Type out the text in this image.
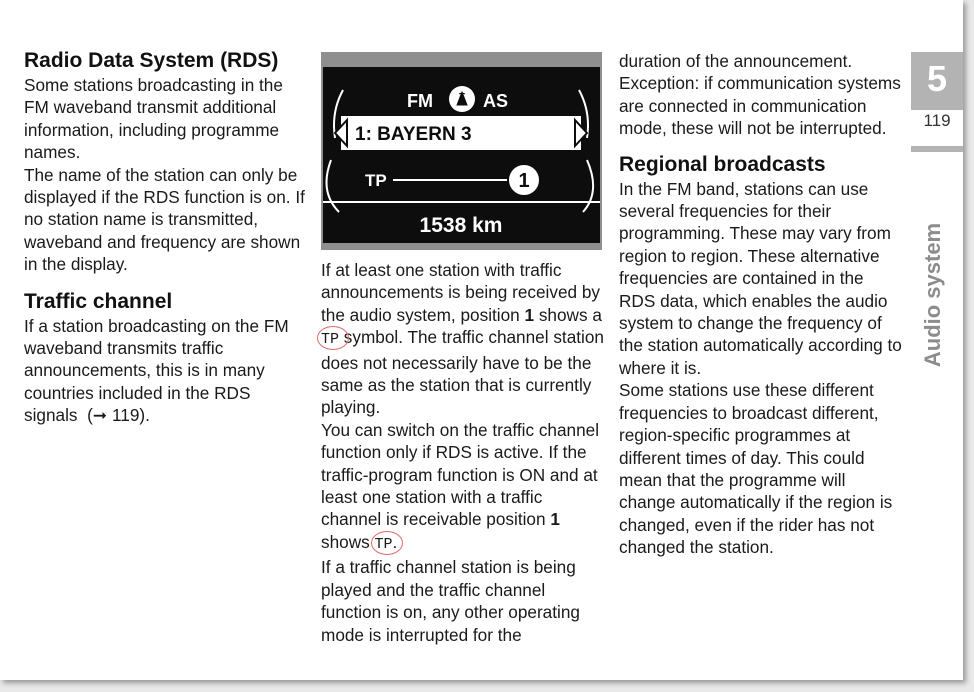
Radio Data System (RDS)

Some stations broadcasting in the FM waveband transmit additional information, including programme names.

The name of the station can only be displayed if the RDS function is on. If no station name is transmitted, waveband and frequency are shown in the display.

Traffic channel

If a station broadcasting on the FM waveband transmits traffic announcements, this is in many countries included in the RDS signals (➞ 119).

FM	AS
1: BAYERN 3
TP	1
1538 km

If at least one station with traffic announcements is being received by the audio system, position 1 shows a TP
symbol. The traffic channel station does not necessarily have to be the same as the station that is currently playing.

You can switch on the traffic channel function only if RDS is active. If the traffic-program function is ON and at least one station with a traffic channel is receivable position 1 shows TP
.

If a traffic channel station is being played and the traffic channel function is on, any other operating mode is interrupted for the

duration of the announcement. Exception: if communication systems are connected in communication mode, these will not be interrupted.

Regional broadcasts

In the FM band, stations can use several frequencies for their programming. These may vary from region to region. These alternative frequencies are contained in the RDS data, which enables the audio system to change the frequency of the station automatically according to where it is.

Some stations use these different frequencies to broadcast different, region-specific programmes at different times of day. This could mean that the programme will change automatically if the region is changed, even if the rider has not changed the station.

5
119
Audio system
